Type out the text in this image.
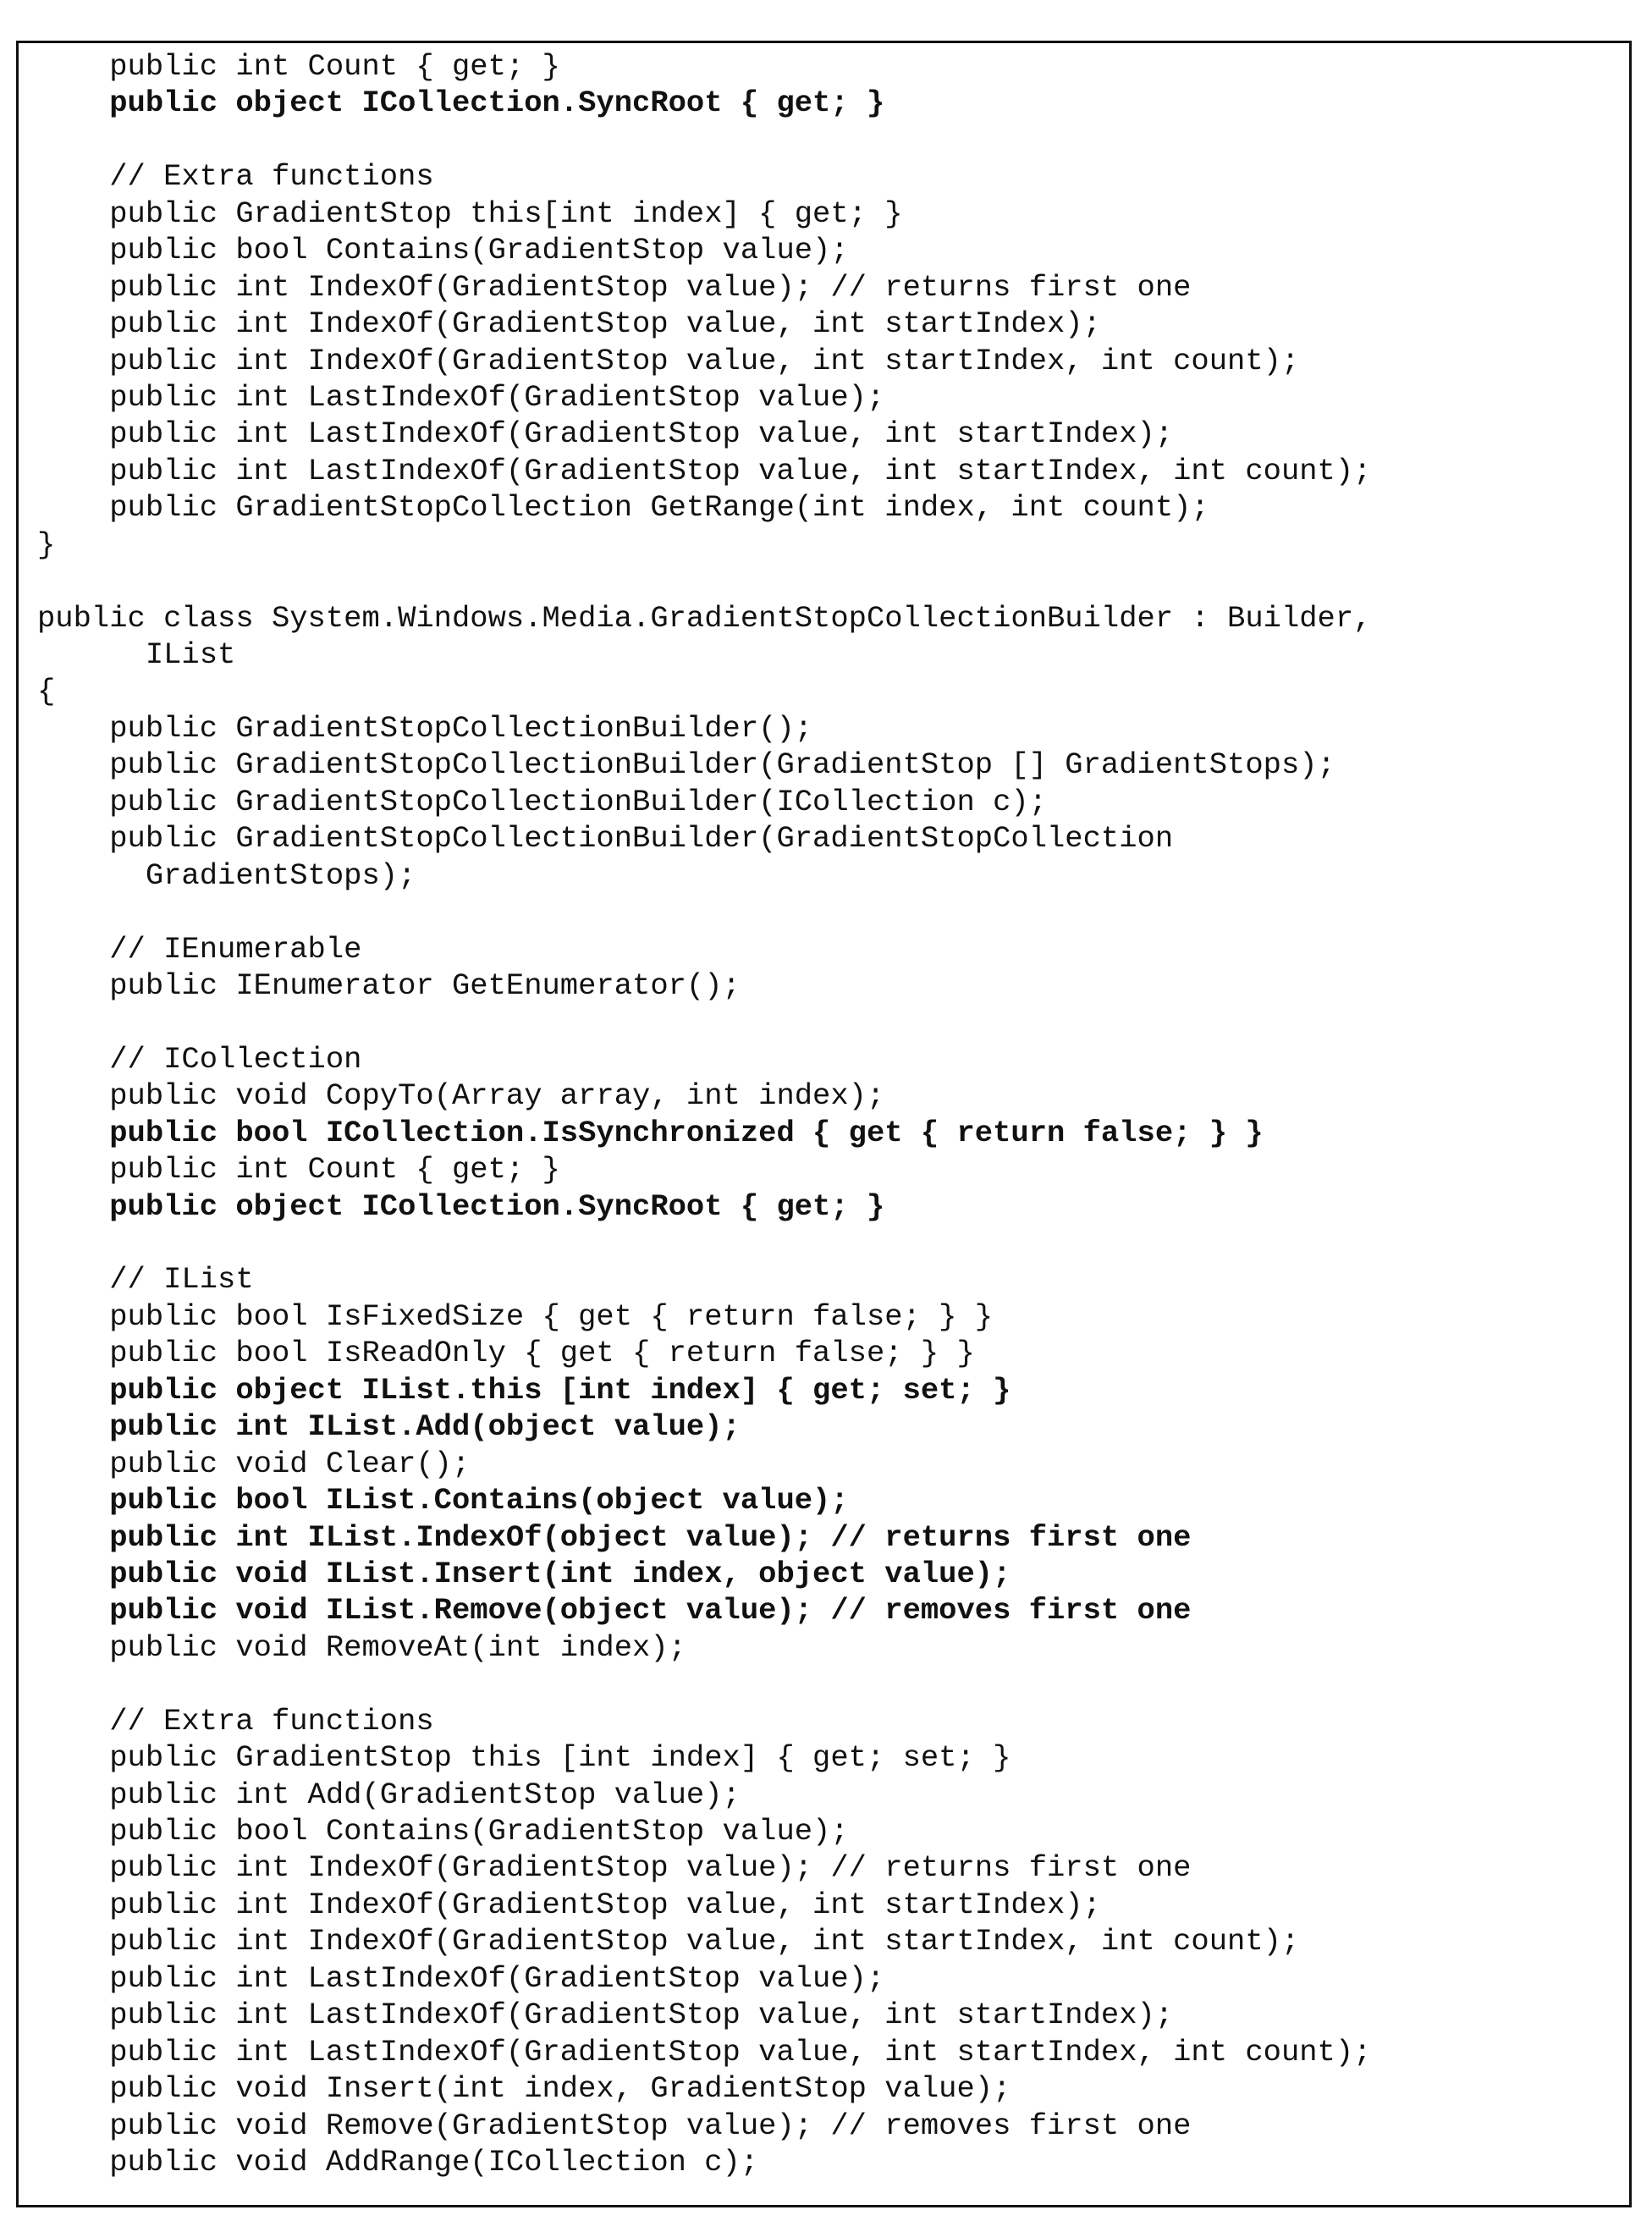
public int Count { get; }
public object ICollection.SyncRoot { get; }
// Extra functions
public GradientStop this[int index] { get; }
public bool Contains(GradientStop value);
public int IndexOf(GradientStop value); // returns first one
public int IndexOf(GradientStop value, int startIndex);
public int IndexOf(GradientStop value, int startIndex, int count);
public int LastIndexOf(GradientStop value);
public int LastIndexOf(GradientStop value, int startIndex);
public int LastIndexOf(GradientStop value, int startIndex, int count);
public GradientStopCollection GetRange(int index, int count);
}
public class System.Windows.Media.GradientStopCollectionBuilder : Builder,
IList
{
public GradientStopCollectionBuilder();
public GradientStopCollectionBuilder(GradientStop [] GradientStops);
public GradientStopCollectionBuilder(ICollection c);
public GradientStopCollectionBuilder(GradientStopCollection
GradientStops);
// IEnumerable
public IEnumerator GetEnumerator();
// ICollection
public void CopyTo(Array array, int index);
public bool ICollection.IsSynchronized { get { return false; } }
public int Count { get; }
public object ICollection.SyncRoot { get; }
// IList
public bool IsFixedSize { get { return false; } }
public bool IsReadOnly { get { return false; } }
public object IList.this [int index] { get; set; }
public int IList.Add(object value);
public void Clear();
public bool IList.Contains(object value);
public int IList.IndexOf(object value); // returns first one
public void IList.Insert(int index, object value);
public void IList.Remove(object value); // removes first one
public void RemoveAt(int index);
// Extra functions
public GradientStop this [int index] { get; set; }
public int Add(GradientStop value);
public bool Contains(GradientStop value);
public int IndexOf(GradientStop value); // returns first one
public int IndexOf(GradientStop value, int startIndex);
public int IndexOf(GradientStop value, int startIndex, int count);
public int LastIndexOf(GradientStop value);
public int LastIndexOf(GradientStop value, int startIndex);
public int LastIndexOf(GradientStop value, int startIndex, int count);
public void Insert(int index, GradientStop value);
public void Remove(GradientStop value); // removes first one
public void AddRange(ICollection c);
